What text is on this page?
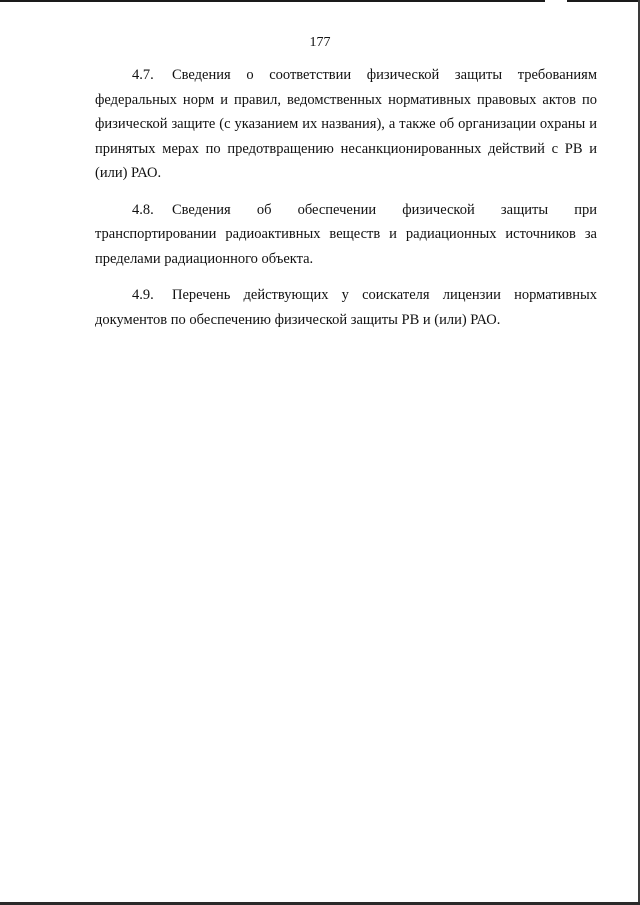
177

4.7. Сведения о соответствии физической защиты требованиям федеральных норм и правил, ведомственных нормативных правовых актов по физической защите (с указанием их названия), а также об организации охраны и принятых мерах по предотвращению несанкционированных действий с РВ и (или) РАО.

4.8. Сведения об обеспечении физической защиты при транспортировании радиоактивных веществ и радиационных источников за пределами радиационного объекта.

4.9. Перечень действующих у соискателя лицензии нормативных документов по обеспечению физической защиты РВ и (или) РАО.
